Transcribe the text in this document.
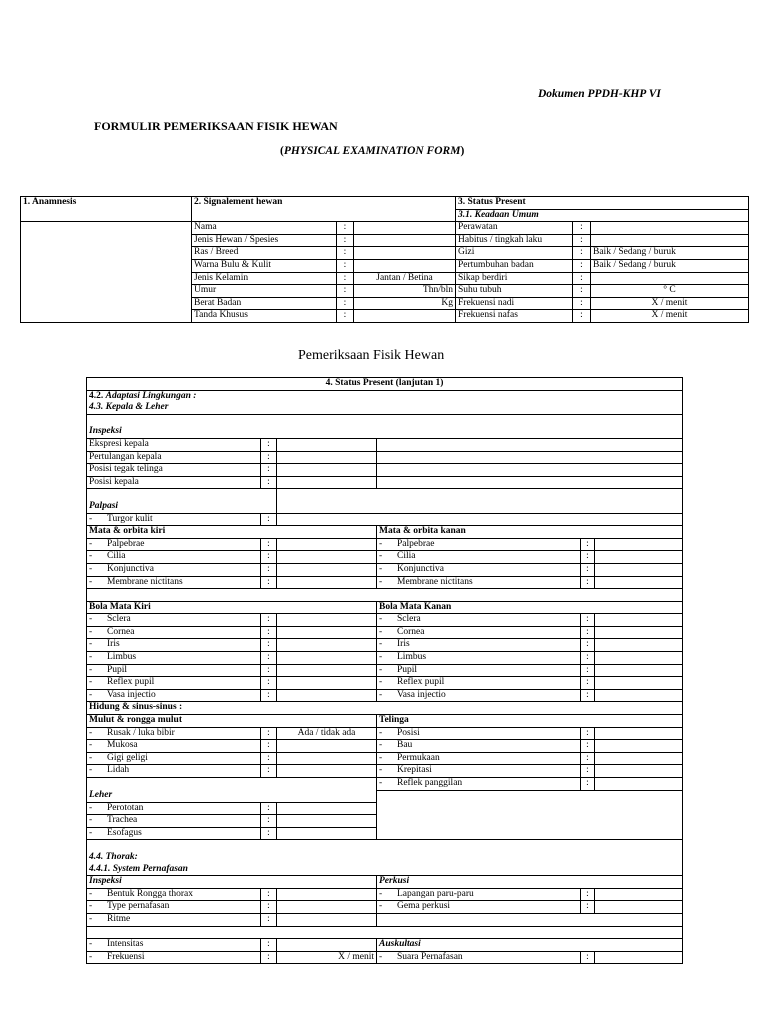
Dokumen PPDH-KHP VI
FORMULIR PEMERIKSAAN FISIK HEWAN
(PHYSICAL EXAMINATION FORM)
1. Anamnesis	2. Signalement hewan			3. Status Present		
				3.1. Keadaan Umum		
	Nama	:		Perawatan	:	
	Jenis Hewan / Spesies	:		Habitus / tingkah laku	:	
	Ras / Breed	:		Gizi	:	Baik / Sedang / buruk
	Warna Bulu & Kulit	:		Pertumbuhan badan	:	Baik / Sedang / buruk
	Jenis Kelamin	:	Jantan / Betina	Sikap berdiri	:	
	Umur	:	Thn/bln	Suhu tubuh	:	° C
	Berat Badan	:	Kg	Frekuensi nadi	:	X / menit
	Tanda Khusus	:		Frekuensi nafas	:	X / menit
Pemeriksaan Fisik Hewan
4. Status Present (lanjutan 1)					
4.2. Adaptasi Lingkungan :					
4.3. Kepala & Leher					

Inspeksi					
Ekspresi kepala	:				
Pertulangan kepala	:				
Posisi tegak telinga	:				
Posisi kepala	:				

Palpasi					
- Turgor kulit	:				
Mata & orbita kiri			Mata & orbita kanan		
- Palpebrae	:		- Palpebrae	:	
- Cilia	:		- Cilia	:	
- Konjunctiva	:		- Konjunctiva	:	
- Membrane nictitans	:		- Membrane nictitans	:	

Bola Mata Kiri			Bola Mata Kanan		
- Sclera	:		- Sclera	:	
- Cornea	:		- Cornea	:	
- Iris	:		- Iris	:	
- Limbus	:		- Limbus	:	
- Pupil	:		- Pupil	:	
- Reflex pupil	:		- Reflex pupil	:	
- Vasa injectio	:		- Vasa injectio	:	
Hidung & sinus-sinus :					
Mulut & rongga mulut			Telinga		
- Rusak / luka bibir	:	Ada / tidak ada	- Posisi	:	
- Mukosa	:		- Bau	:	
- Gigi geligi	:		- Permukaan	:	
- Lidah	:		- Krepitasi	:	
			- Reflek panggilan	:	
Leher					
- Perototan	:				
- Trachea	:				
- Esofagus	:				

4.4. Thorak:					
4.4.1. System Pernafasan					
Inspeksi			Perkusi		
- Bentuk Rongga thorax	:		- Lapangan paru-paru	:	
- Type pernafasan	:		- Gema perkusi	:	
- Ritme	:				

- Intensitas	:		Auskultasi		
- Frekuensi	:	X / menit	- Suara Pernafasan	:	
